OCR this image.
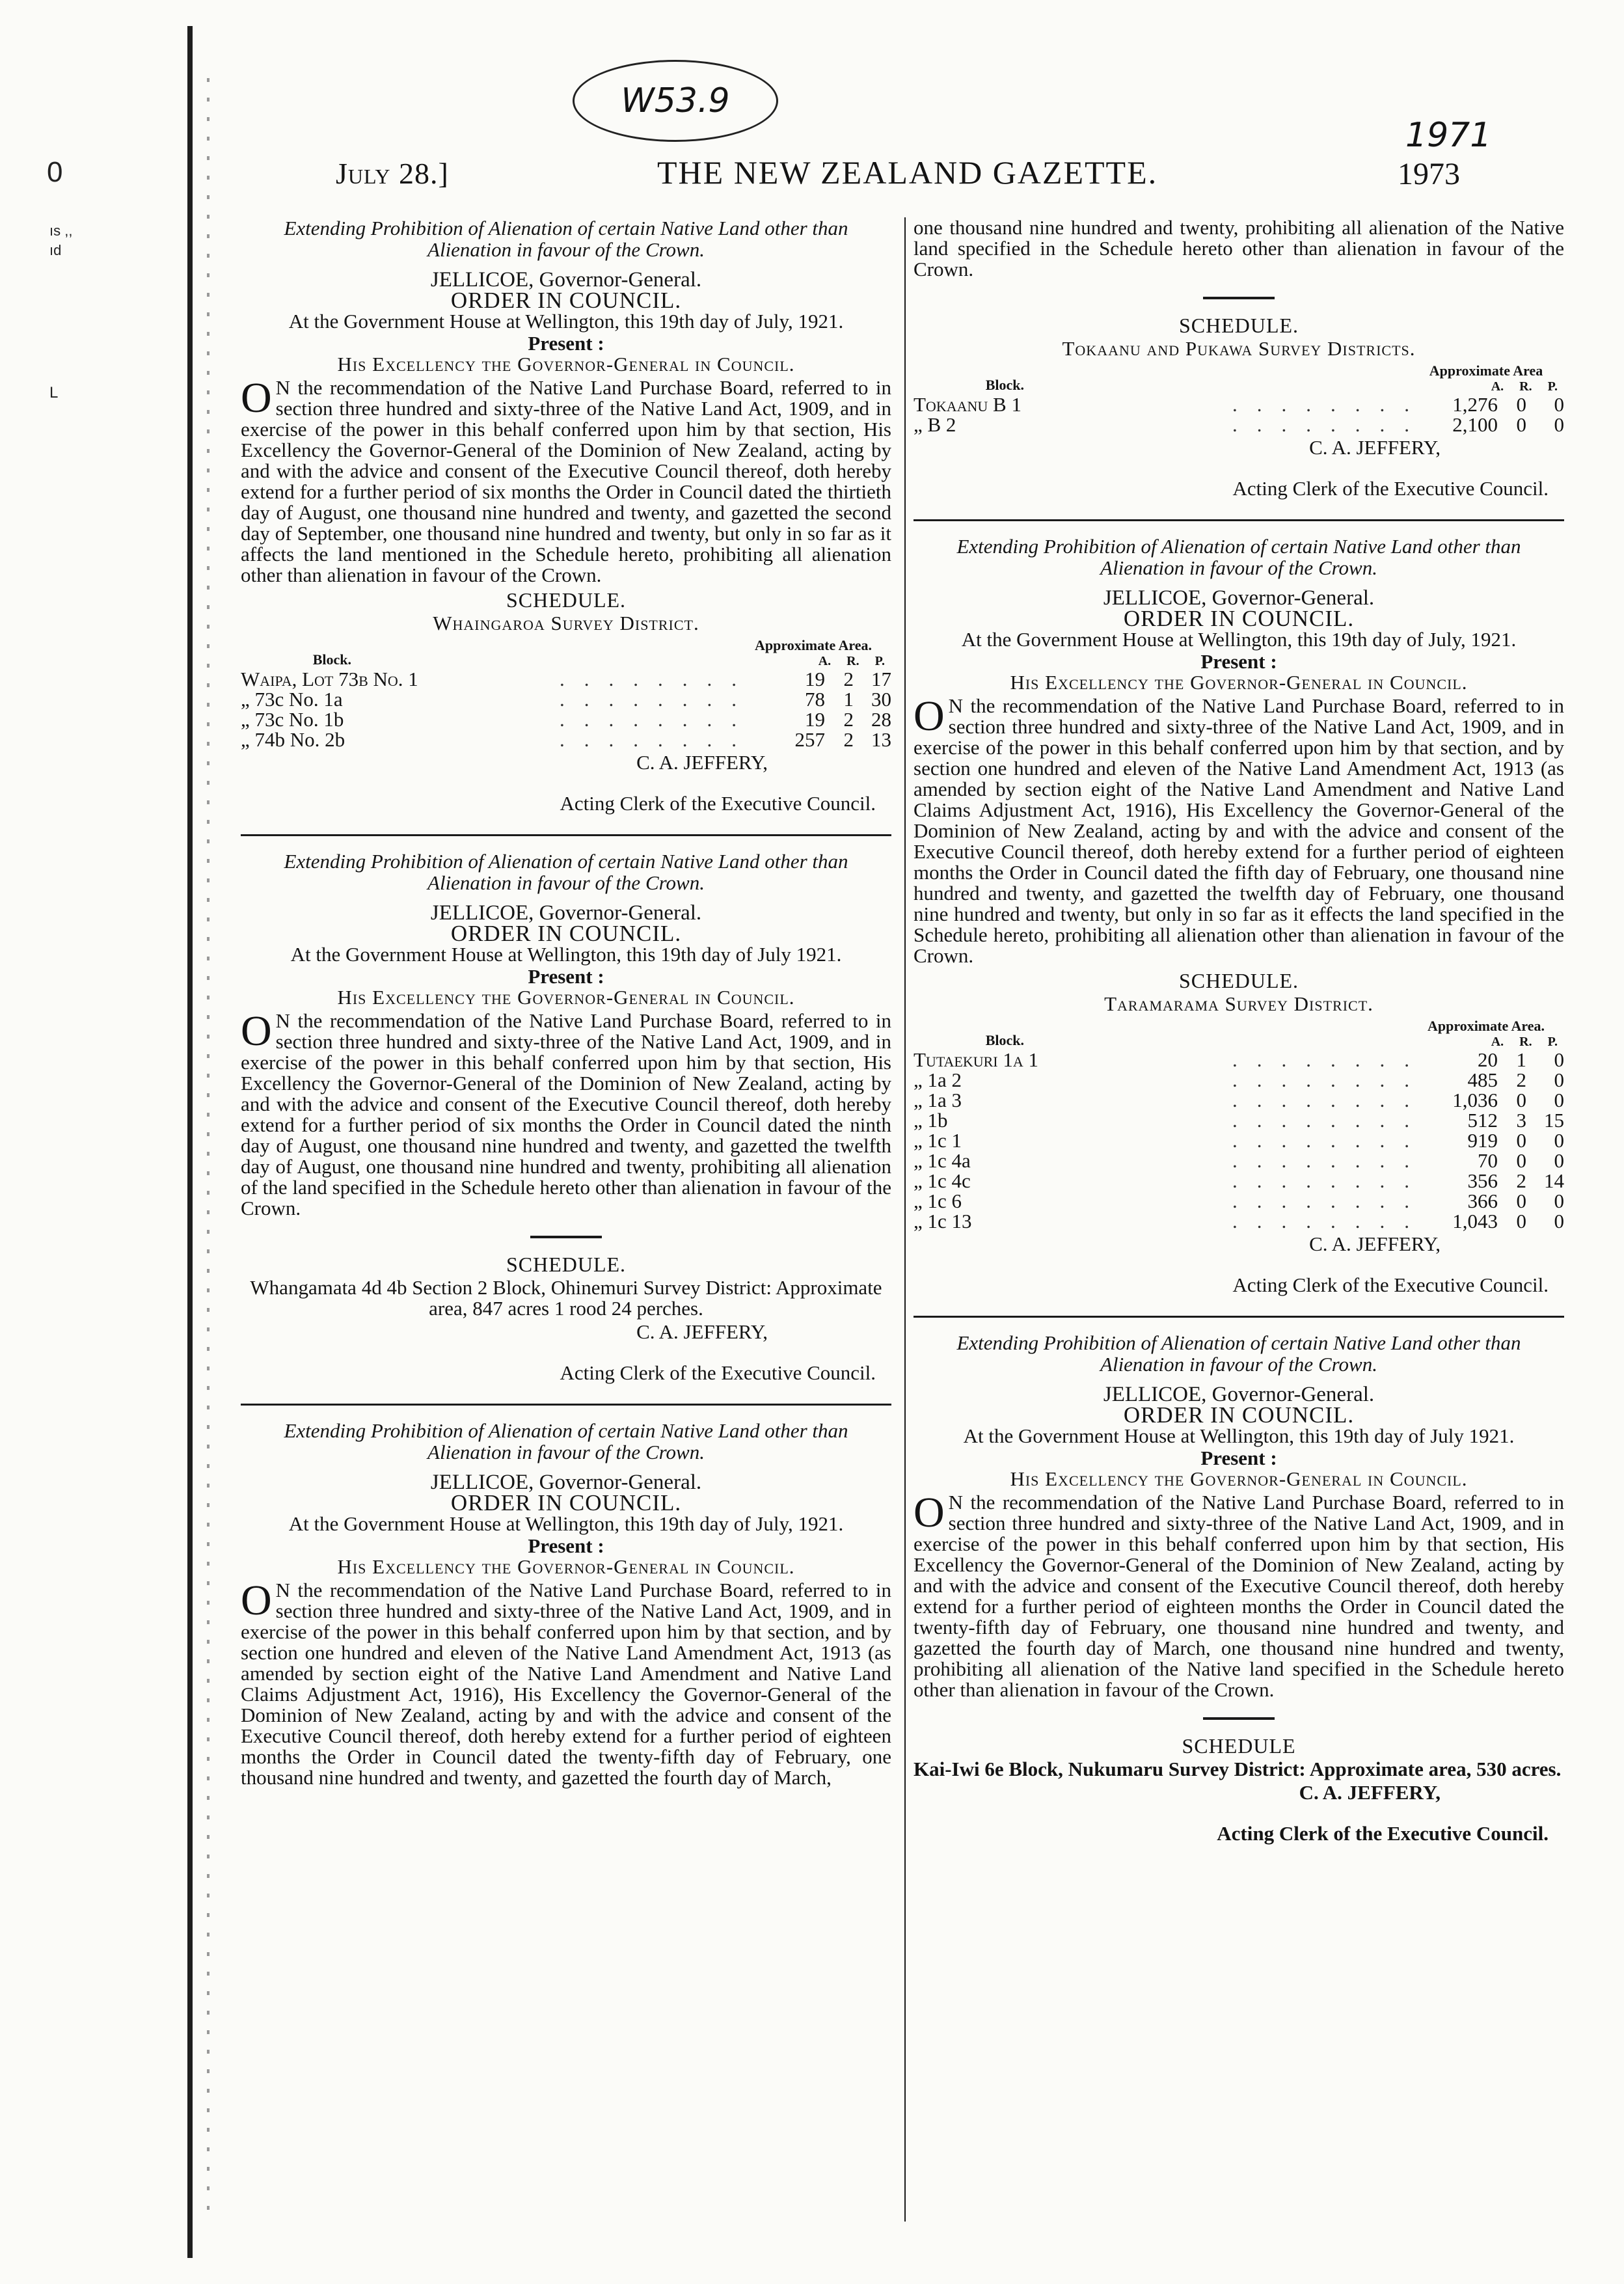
0
ıs ,, ıd
L
W53.9
1971
July 28.]	THE NEW ZEALAND GAZETTE.	1973

Extending Prohibition of Alienation of certain Native Land other than Alienation in favour of the Crown.

JELLICOE, Governor-General.

ORDER IN COUNCIL.

At the Government House at Wellington, this 19th day of July, 1921.

Present :

His Excellency the Governor-General in Council.

ON the recommendation of the Native Land Purchase Board, referred to in section three hundred and sixty-three of the Native Land Act, 1909, and in exercise of the power in this behalf conferred upon him by that section, His Excellency the Governor-General of the Dominion of New Zealand, acting by and with the advice and consent of the Executive Council thereof, doth hereby extend for a further period of six months the Order in Council dated the thirtieth day of August, one thousand nine hundred and twenty, and gazetted the second day of September, one thousand nine hundred and twenty, but only in so far as it affects the land mentioned in the Schedule hereto, prohibiting all alienation other than alienation in favour of the Crown.

SCHEDULE.

Whaingaroa Survey District.

Block.
Approximate Area.
A. R. P.
Waipa, Lot 73b No. 1	........	19 2 17
„ 73c No. 1a	........	78 1 30
„ 73c No. 1b	........	19 2 28
„ 74b No. 2b	........	257 2 13

C. A. JEFFERY,

Acting Clerk of the Executive Council.

Extending Prohibition of Alienation of certain Native Land other than Alienation in favour of the Crown.

JELLICOE, Governor-General.

ORDER IN COUNCIL.

At the Government House at Wellington, this 19th day of July 1921.

Present :

His Excellency the Governor-General in Council.

ON the recommendation of the Native Land Purchase Board, referred to in section three hundred and sixty-three of the Native Land Act, 1909, and in exercise of the power in this behalf conferred upon him by that section, His Excellency the Governor-General of the Dominion of New Zealand, acting by and with the advice and consent of the Executive Council thereof, doth hereby extend for a further period of six months the Order in Council dated the ninth day of August, one thousand nine hundred and twenty, and gazetted the twelfth day of August, one thousand nine hundred and twenty, prohibiting all alienation of the land specified in the Schedule hereto other than alienation in favour of the Crown.

SCHEDULE.

Whangamata 4d 4b Section 2 Block, Ohinemuri Survey District: Approximate area, 847 acres 1 rood 24 perches.

C. A. JEFFERY,

Acting Clerk of the Executive Council.

Extending Prohibition of Alienation of certain Native Land other than Alienation in favour of the Crown.

JELLICOE, Governor-General.

ORDER IN COUNCIL.

At the Government House at Wellington, this 19th day of July, 1921.

Present :

His Excellency the Governor-General in Council.

ON the recommendation of the Native Land Purchase Board, referred to in section three hundred and sixty-three of the Native Land Act, 1909, and in exercise of the power in this behalf conferred upon him by that section, and by section one hundred and eleven of the Native Land Amendment Act, 1913 (as amended by section eight of the Native Land Amendment and Native Land Claims Adjustment Act, 1916), His Excellency the Governor-General of the Dominion of New Zealand, acting by and with the advice and consent of the Executive Council thereof, doth hereby extend for a further period of eighteen months the Order in Council dated the twenty-fifth day of February, one thousand nine hundred and twenty, and gazetted the fourth day of March,

one thousand nine hundred and twenty, prohibiting all alienation of the Native land specified in the Schedule hereto other than alienation in favour of the Crown.

SCHEDULE.

Tokaanu and Pukawa Survey Districts.

Block.
Approximate Area
A. R. P.
Tokaanu B 1	........	1,276 0	0
„ B 2	........	2,100 0	0

C. A. JEFFERY,

Acting Clerk of the Executive Council.

Extending Prohibition of Alienation of certain Native Land other than Alienation in favour of the Crown.

JELLICOE, Governor-General.

ORDER IN COUNCIL.

At the Government House at Wellington, this 19th day of July, 1921.

Present :

His Excellency the Governor-General in Council.

ON the recommendation of the Native Land Purchase Board, referred to in section three hundred and sixty-three of the Native Land Act, 1909, and in exercise of the power in this behalf conferred upon him by that section, and by section one hundred and eleven of the Native Land Amendment Act, 1913 (as amended by section eight of the Native Land Amendment and Native Land Claims Adjustment Act, 1916), His Excellency the Governor-General of the Dominion of New Zealand, acting by and with the advice and consent of the Executive Council thereof, doth hereby extend for a further period of eighteen months the Order in Council dated the fifth day of February, one thousand nine hundred and twenty, and gazetted the twelfth day of February, one thousand nine hundred and twenty, but only in so far as it effects the land specified in the Schedule hereto, prohibiting all alienation other than alienation in favour of the Crown.

SCHEDULE.

Taramarama Survey District.

Block.
Approximate Area.
A. R. P.
Tutaekuri 1a 1	........	20 1	0
„ 1a 2	........	485 2	0
„ 1a 3	........	1,036 0	0
„ 1b	........	512 3 15
„ 1c 1	........	919 0	0
„ 1c 4a	........	70 0	0
„ 1c 4c	........	356 2 14
„ 1c 6	........	366 0	0
„ 1c 13	........	1,043 0	0

C. A. JEFFERY,

Acting Clerk of the Executive Council.

Extending Prohibition of Alienation of certain Native Land other than Alienation in favour of the Crown.

JELLICOE, Governor-General.

ORDER IN COUNCIL.

At the Government House at Wellington, this 19th day of July 1921.

Present :

His Excellency the Governor-General in Council.

ON the recommendation of the Native Land Purchase Board, referred to in section three hundred and sixty-three of the Native Land Act, 1909, and in exercise of the power in this behalf conferred upon him by that section, His Excellency the Governor-General of the Dominion of New Zealand, acting by and with the advice and consent of the Executive Council thereof, doth hereby extend for a further period of eighteen months the Order in Council dated the twenty-fifth day of February, one thousand nine hundred and twenty, and gazetted the fourth day of March, one thousand nine hundred and twenty, prohibiting all alienation of the Native land specified in the Schedule hereto other than alienation in favour of the Crown.

SCHEDULE

Kai-Iwi 6e Block, Nukumaru Survey District: Approximate area, 530 acres.

C. A. JEFFERY,

Acting Clerk of the Executive Council.
